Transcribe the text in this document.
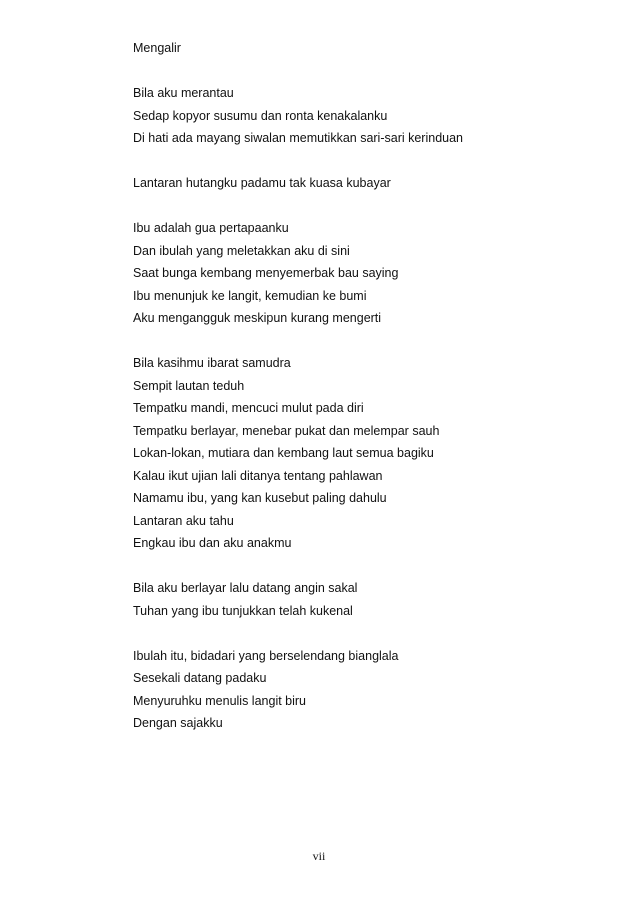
Mengalir
Bila aku merantau
Sedap kopyor susumu dan ronta kenakalanku
Di hati ada mayang siwalan memutikkan sari-sari kerinduan
Lantaran hutangku padamu tak kuasa kubayar
Ibu adalah gua pertapaanku
Dan ibulah yang meletakkan aku di sini
Saat bunga kembang menyemerbak bau saying
Ibu menunjuk ke langit, kemudian ke bumi
Aku mengangguk meskipun kurang mengerti
Bila kasihmu ibarat samudra
Sempit lautan teduh
Tempatku mandi, mencuci mulut pada diri
Tempatku berlayar, menebar pukat dan melempar sauh
Lokan-lokan, mutiara dan kembang laut semua bagiku
Kalau ikut ujian lali ditanya tentang pahlawan
Namamu ibu, yang kan kusebut paling dahulu
Lantaran aku tahu
Engkau ibu dan aku anakmu
Bila aku berlayar lalu datang angin sakal
Tuhan yang ibu tunjukkan telah kukenal
Ibulah itu, bidadari yang berselendang bianglala
Sesekali datang padaku
Menyuruhku menulis langit biru
Dengan sajakku
vii
